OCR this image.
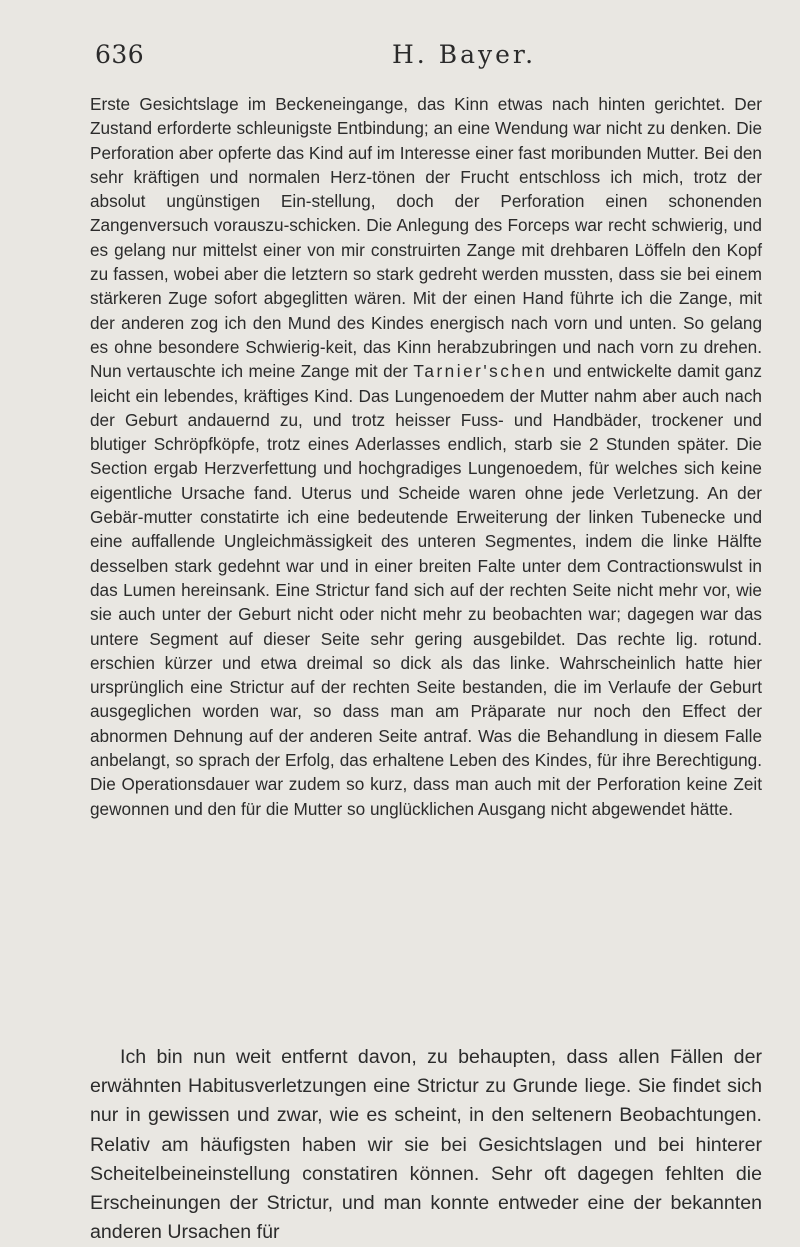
636	H. Bayer.

Erste Gesichtslage im Beckeneingange, das Kinn etwas nach hinten gerichtet. Der Zustand erforderte schleunigste Entbindung; an eine Wendung war nicht zu denken. Die Perforation aber opferte das Kind auf im Interesse einer fast moribunden Mutter. Bei den sehr kräftigen und normalen Herz-tönen der Frucht entschloss ich mich, trotz der absolut ungünstigen Ein-stellung, doch der Perforation einen schonenden Zangenversuch vorauszu-schicken. Die Anlegung des Forceps war recht schwierig, und es gelang nur mittelst einer von mir construirten Zange mit drehbaren Löffeln den Kopf zu fassen, wobei aber die letztern so stark gedreht werden mussten, dass sie bei einem stärkeren Zuge sofort abgeglitten wären. Mit der einen Hand führte ich die Zange, mit der anderen zog ich den Mund des Kindes energisch nach vorn und unten. So gelang es ohne besondere Schwierig-keit, das Kinn herabzubringen und nach vorn zu drehen. Nun vertauschte ich meine Zange mit der Tarnier'schen und entwickelte damit ganz leicht ein lebendes, kräftiges Kind. Das Lungenoedem der Mutter nahm aber auch nach der Geburt andauernd zu, und trotz heisser Fuss- und Handbäder, trockener und blutiger Schröpfköpfe, trotz eines Aderlasses endlich, starb sie 2 Stunden später. Die Section ergab Herzverfettung und hochgradiges Lungenoedem, für welches sich keine eigentliche Ursache fand. Uterus und Scheide waren ohne jede Verletzung. An der Gebär-mutter constatirte ich eine bedeutende Erweiterung der linken Tubenecke und eine auffallende Ungleichmässigkeit des unteren Segmentes, indem die linke Hälfte desselben stark gedehnt war und in einer breiten Falte unter dem Contractionswulst in das Lumen hereinsank. Eine Strictur fand sich auf der rechten Seite nicht mehr vor, wie sie auch unter der Geburt nicht oder nicht mehr zu beobachten war; dagegen war das untere Segment auf dieser Seite sehr gering ausgebildet. Das rechte lig. rotund. erschien kürzer und etwa dreimal so dick als das linke. Wahrscheinlich hatte hier ursprünglich eine Strictur auf der rechten Seite bestanden, die im Verlaufe der Geburt ausgeglichen worden war, so dass man am Präparate nur noch den Effect der abnormen Dehnung auf der anderen Seite antraf. Was die Behandlung in diesem Falle anbelangt, so sprach der Erfolg, das erhaltene Leben des Kindes, für ihre Berechtigung. Die Operationsdauer war zudem so kurz, dass man auch mit der Perforation keine Zeit gewonnen und den für die Mutter so unglücklichen Ausgang nicht abgewendet hätte.

Ich bin nun weit entfernt davon, zu behaupten, dass allen Fällen der erwähnten Habitusverletzungen eine Strictur zu Grunde liege. Sie findet sich nur in gewissen und zwar, wie es scheint, in den seltenern Beobachtungen. Relativ am häufigsten haben wir sie bei Gesichtslagen und bei hinterer Scheitelbeineinstellung constatiren können. Sehr oft dagegen fehlten die Erscheinungen der Strictur, und man konnte entweder eine der bekannten anderen Ursachen für
